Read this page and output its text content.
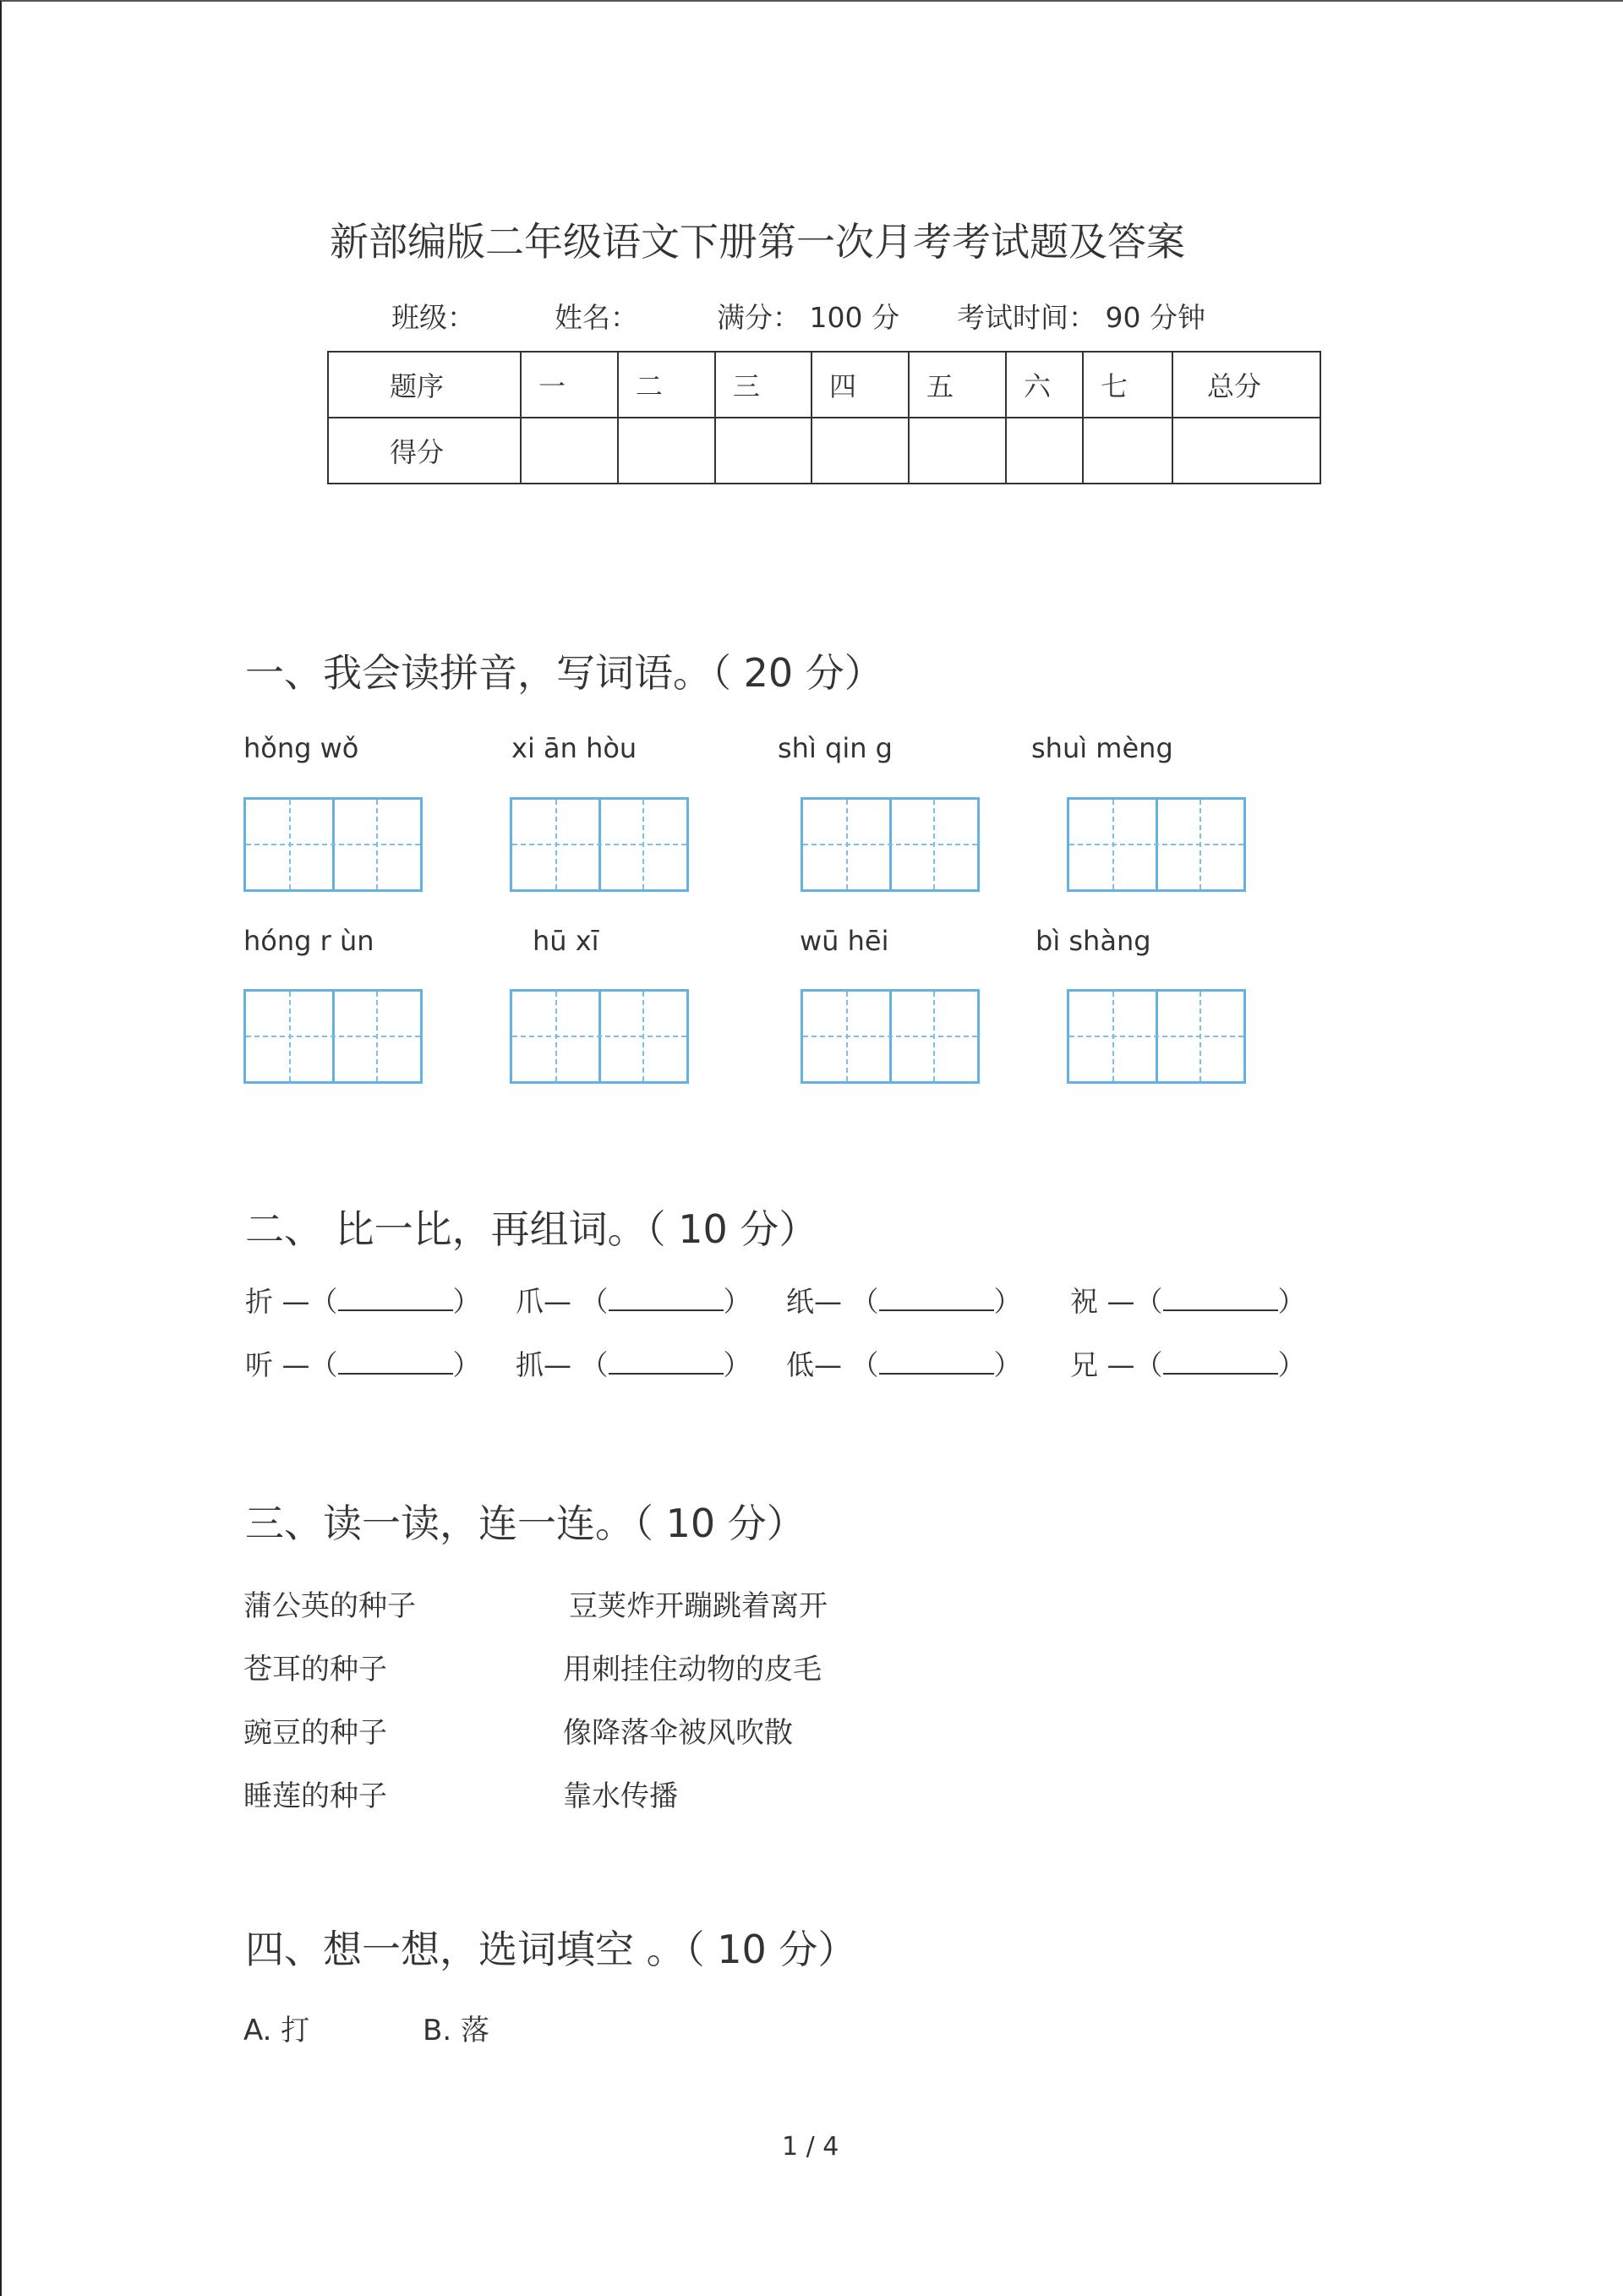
新部编版二年级语文下册第一次月考考试题及答案
班级：	姓名：	满分： 100 分 考试时间： 90 分钟
题序	一	二	三	四	五	六	七	总分
得分								
一、我会读拼音，写词语。（ 20 分）
hǒng wǒ	xi ān hòu	shì qin g	shuì mèng
hóng r ùn	hū xī	wū hēi	bì shàng
二、 比一比，再组词。（ 10 分）
折 —（	） 爪— （	） 纸— （	） 祝 —（	）
听 —（	） 抓— （	） 低— （	） 兄 —（	）
三、读一读，连一连。（ 10 分）
蒲公英的种子
苍耳的种子
豌豆的种子
睡莲的种子
豆荚炸开蹦跳着离开
用刺挂住动物的皮毛
像降落伞被风吹散
靠水传播
四、想一想，选词填空 。（ 10 分）
A. 打	B. 落
1 / 4
